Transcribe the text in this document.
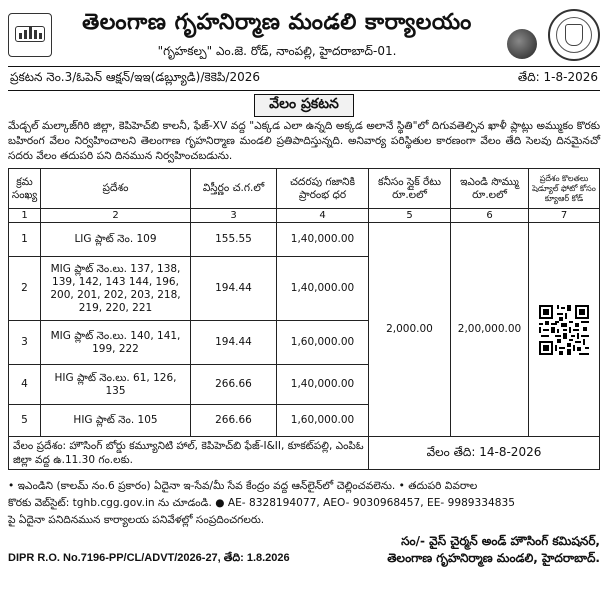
తెలంగాణ గృహనిర్మాణ మండలి కార్యాలయం
"గృహకల్ప" ఎం.జె. రోడ్, నాంపల్లి, హైదరాబాద్-01.
ప్రకటన నెం.3/ఓపెన్ ఆక్షన్/ఇఇ(డబ్ల్యూడి)/కెకెపి/2026	తేది: 1-8-2026
వేలం ప్రకటన

మేడ్చల్ మల్కాజ్‌గిరి జిల్లా, కెపిహెచ్‌బి కాలనీ, ఫేజ్-XV వద్ద "ఎక్కడ ఎలా ఉన్నది అక్కడ అలానే స్థితి"లో దిగువతెల్పిన ఖాళీ ప్లాట్లు అమ్ముకం కొరకు బహిరంగ వేలం నిర్వహించాలని తెలంగాణ గృహనిర్మాణ మండలి ప్రతిపాదిస్తున్నది. అనివార్య పరిస్థితుల కారణంగా వేలం తేది సెలవు దినమైనచో సదరు వేలం తదుపరి పని దినమున నిర్వహించబడును.

క్రమ సంఖ్య	ప్రదేశం	విస్తీర్ణం చ.గ.లో	చదరపు గజానికి ప్రారంభ ధర	కనీసం స్లైక్ రేటు రూ.లలో	ఇఎండి సొమ్ము రూ.లలో	ప్రదేశం కొలతలు షెడ్యూల్ ఫోటో కోసం క్యూఆర్ కోడ్
1	2	3	4	5	6	7
1	LIG ప్లాట్ నెం. 109	155.55	1,40,000.00	2,000.00	2,00,000.00	

2	MIG ప్లాట్ నెం.లు. 137, 138, 139, 142, 143 144, 196, 200, 201, 202, 203, 218, 219, 220, 221	194.44	1,40,000.00			
3	MIG ప్లాట్ నెం.లు. 140, 141, 199, 222	194.44	1,60,000.00			
4	HIG ప్లాట్ నెం.లు. 61, 126, 135	266.66	1,40,000.00			
5	HIG ప్లాట్ నెం. 105	266.66	1,60,000.00			
వేలం ప్రదేశం: హౌసింగ్ బోర్డు కమ్యూనిటి హాల్, కెపిహెచ్‌బి ఫేజ్-I&II, కూకట్‌పల్లి, ఎంపిఓ జిల్లా వద్ద ఉ.11.30 గం.లకు.
వేలం తేది: 14-8-2026
• ఇఎండిని (కాలమ్ నం.6 ప్రకారం) ఏదైనా ఇ-సేవ/మీ సేవ కేంద్రం వద్ద ఆన్‌లైన్‌లో చెల్లించవలెను. • తదుపరి వివరాల
కొరకు వెబ్‌సైట్: tghb.cgg.gov.in ను చూడండి. ● AE- 8328194077, AEO- 9030968457, EE- 9989334835
పై ఏదైనా పనిదినమున కార్యాలయ పనివేళల్లో సంప్రదించగలరు.
DIPR R.O. No.7196-PP/CL/ADVT/2026-27, తేది: 1.8.2026
సం/- వైస్ చైర్మన్ అండ్ హౌసింగ్ కమిషనర్,
తెలంగాణ గృహనిర్మాణ మండలి, హైదరాబాద్.
